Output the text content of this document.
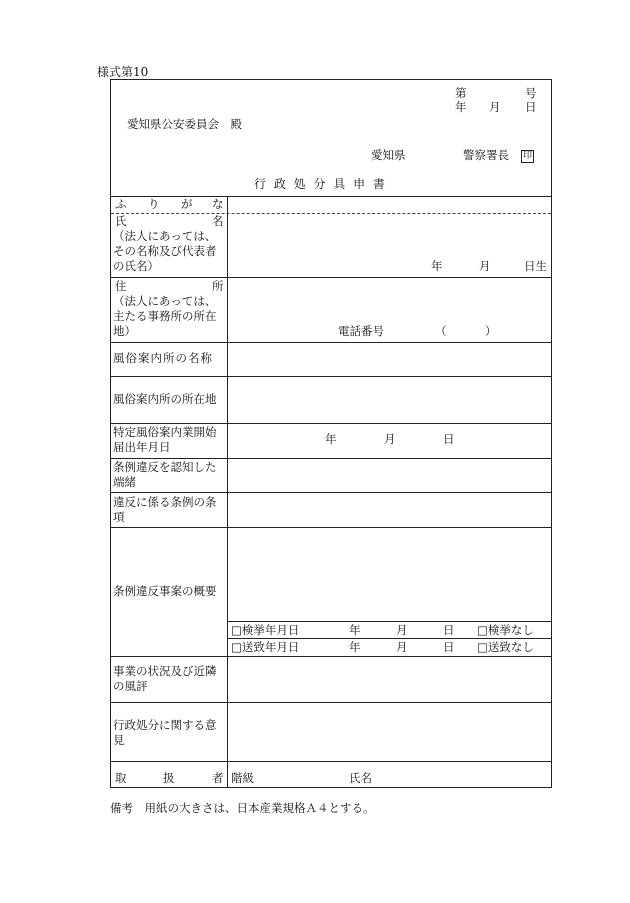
様式第10
第	号
年 月 日
愛知県公安委員会　殿
愛知県	警察署長 印
行 政 処 分 具 申 書
ふ り が な
氏	名
（法人にあっては、
その名称及び代表者
の氏名）	年	月	日生
住	所
（法人にあっては、
主たる事務所の所在
地）	電話番号	（	）
風俗案内所の名称
風俗案内所の所在地
特定風俗案内業開始
届出年月日
年	月	日
条例違反を認知した
端緒
違反に係る条例の条
項
条例違反事案の概要
□検挙年月日	年	月	日 □検挙なし
□送致年月日	年	月	日 □送致なし
事業の状況及び近隣
の風評
行政処分に関する意
見
取	扱	者 階級	氏名
備考　用紙の大きさは、日本産業規格Ａ４とする。
